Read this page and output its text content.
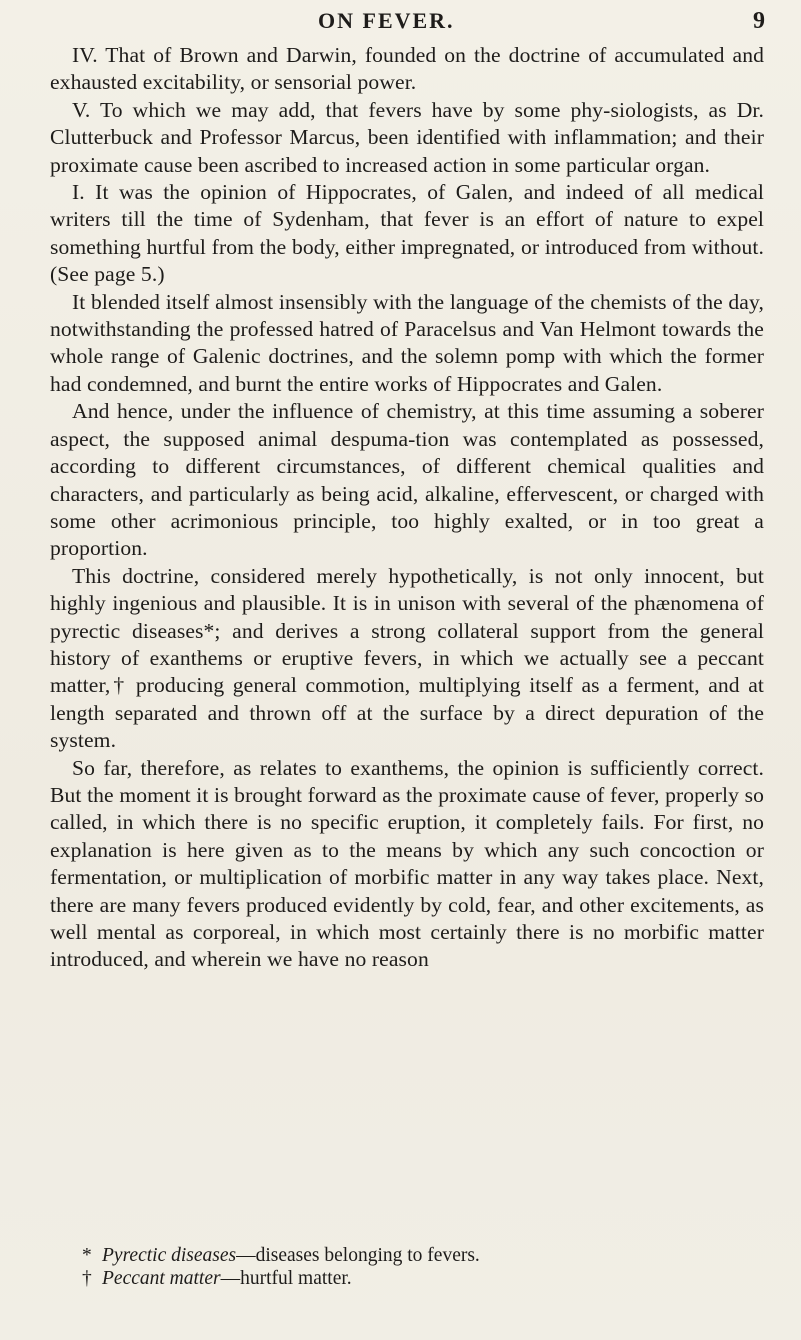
ON FEVER.	9

IV. That of Brown and Darwin, founded on the doctrine of accumulated and exhausted excitability, or sensorial power.

V. To which we may add, that fevers have by some phy-siologists, as Dr. Clutterbuck and Professor Marcus, been identified with inflammation; and their proximate cause been ascribed to increased action in some particular organ.

I. It was the opinion of Hippocrates, of Galen, and indeed of all medical writers till the time of Sydenham, that fever is an effort of nature to expel something hurtful from the body, either impregnated, or introduced from without. (See page 5.)

It blended itself almost insensibly with the language of the chemists of the day, notwithstanding the professed hatred of Paracelsus and Van Helmont towards the whole range of Galenic doctrines, and the solemn pomp with which the former had condemned, and burnt the entire works of Hippocrates and Galen.

And hence, under the influence of chemistry, at this time assuming a soberer aspect, the supposed animal despuma-tion was contemplated as possessed, according to different circumstances, of different chemical qualities and characters, and particularly as being acid, alkaline, effervescent, or charged with some other acrimonious principle, too highly exalted, or in too great a proportion.

This doctrine, considered merely hypothetically, is not only innocent, but highly ingenious and plausible. It is in unison with several of the phænomena of pyrectic diseases*; and derives a strong collateral support from the general history of exanthems or eruptive fevers, in which we actually see a peccant matter,† producing general commotion, multiplying itself as a ferment, and at length separated and thrown off at the surface by a direct depuration of the system.

So far, therefore, as relates to exanthems, the opinion is sufficiently correct. But the moment it is brought forward as the proximate cause of fever, properly so called, in which there is no specific eruption, it completely fails. For first, no explanation is here given as to the means by which any such concoction or fermentation, or multiplication of morbific matter in any way takes place. Next, there are many fevers produced evidently by cold, fear, and other excitements, as well mental as corporeal, in which most certainly there is no morbific matter introduced, and wherein we have no reason

* Pyrectic diseases—diseases belonging to fevers.
† Peccant matter—hurtful matter.
